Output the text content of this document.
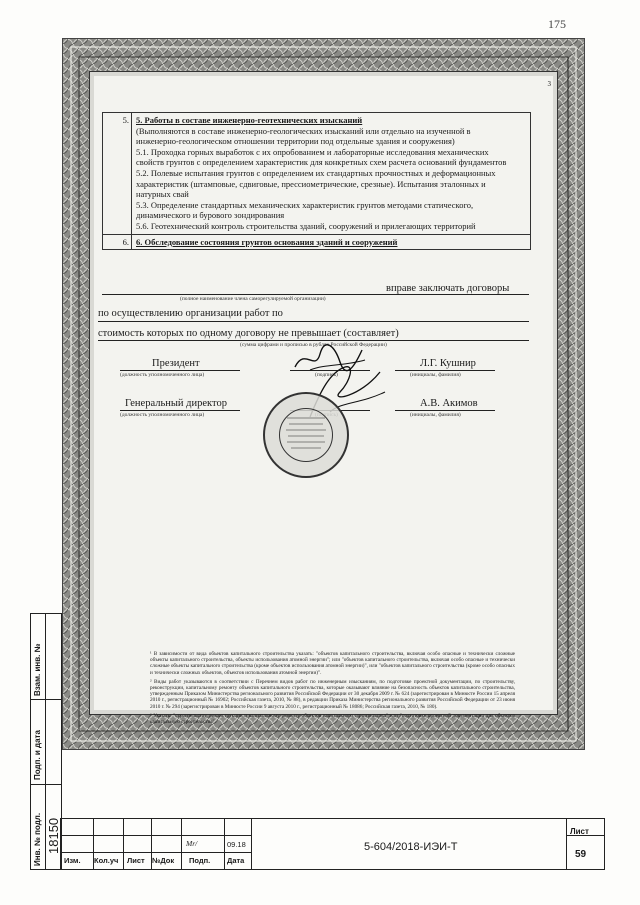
175
3
5. 5. Работы в составе инженерно-геотехнических изысканий
(Выполняются в составе инженерно-геологических изысканий или отдельно на изученной в
инженерно-геологическом отношении территории под отдельные здания и сооружения)
5.1. Проходка горных выработок с их опробованием и лабораторные исследования механических
свойств грунтов с определением характеристик для конкретных схем расчета оснований фундаментов
5.2. Полевые испытания грунтов с определением их стандартных прочностных и деформационных
характеристик (штамповые, сдвиговые, прессиометрические, срезные). Испытания эталонных и
натурных свай
5.3. Определение стандартных механических характеристик грунтов методами статического,
динамического и бурового зондирования
5.6. Геотехнический контроль строительства зданий, сооружений и прилегающих территорий
6. 6. Обследование состояния грунтов основания зданий и сооружений
вправе заключать договоры
(полное наименование члена саморегулируемой организации)
по осуществлению организации работ по
стоимость которых по одному договору не превышает (составляет)
(сумма цифрами и прописью в рублях Российской Федерации)
Президент
(должность уполномоченного лица)	(подпись)
Л.Г. Кушнир
(инициалы, фамилия)
Генеральный директор
(должность уполномоченного лица)
А.В. Акимов
(инициалы, фамилия)

¹ В зависимости от вида объектов капитального строительства указать: "объектов капитального строительства, включая особо опасные и технически сложные объекты капитального строительства, объекты использования атомной энергии"; или "объектов капитального строительства, включая особо опасные и технически сложные объекты капитального строительства (кроме объектов использования атомной энергии)", или "объектов капитального строительства (кроме особо опасных и технически сложных объектов, объектов использования атомной энергии)".

² Виды работ указываются в соответствии с Перечнем видов работ по инженерным изысканиям, по подготовке проектной документации, по строительству, реконструкции, капитальному ремонту объектов капитального строительства, которые оказывают влияние на безопасность объектов капитального строительства, утвержденным Приказом Министерства регионального развития Российской Федерации от 30 декабря 2009 г. № 624 (зарегистрирован в Минюсте России 15 апреля 2010 г., регистрационный № 16902; Российская газета, 2010, № 88), в редакции Приказа Министерства регионального развития Российской Федерации от 23 июня 2010 г. № 294 (зарегистрирован в Минюсте России 9 августа 2010 г., регистрационный № 18086; Российская газета, 2010, № 180).

³ Указать: "строительству, реконструкции и капитальному ремонту объектов капитального строительства" или "подготовке проектной документации для объектов капитального строительства".

Взам. инв. №
Подп. и дата
Инв. № подл. 18150
Изм. Кол.уч Лист №Док Подп. Дата
Mr/	09.18	5-604/2018-ИЭИ-Т
Лист
59
